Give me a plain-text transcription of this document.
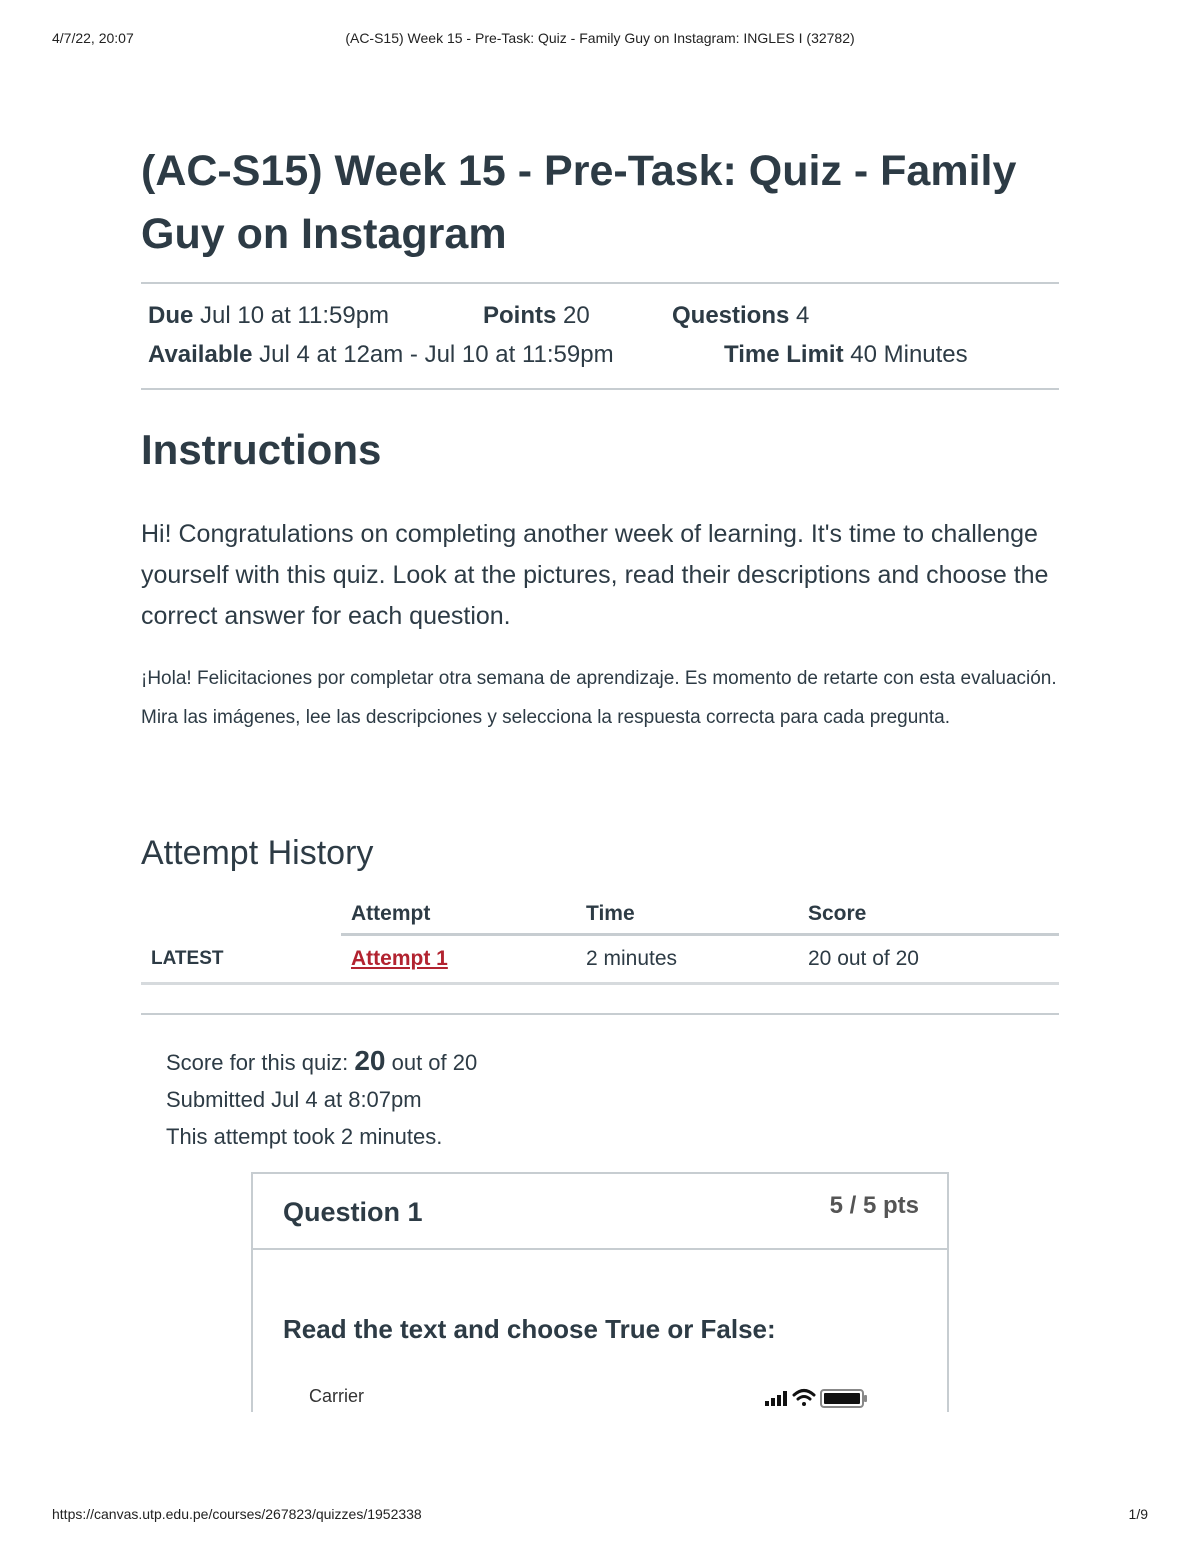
4/7/22, 20:07	(AC-S15) Week 15 - Pre-Task: Quiz - Family Guy on Instagram: INGLES I (32782)
(AC-S15) Week 15 - Pre-Task: Quiz - Family Guy on Instagram
Due Jul 10 at 11:59pm	Points 20	Questions 4
Available Jul 4 at 12am - Jul 10 at 11:59pm	Time Limit 40 Minutes
Instructions

Hi! Congratulations on completing another week of learning. It's time to challenge yourself with this quiz. Look at the pictures, read their descriptions and choose the correct answer for each question.

¡Hola! Felicitaciones por completar otra semana de aprendizaje. Es momento de retarte con esta evaluación. Mira las imágenes, lee las descripciones y selecciona la respuesta correcta para cada pregunta.

Attempt History
	Attempt	Time	Score
LATEST	Attempt 1	2 minutes	20 out of 20
Score for this quiz: 20 out of 20
Submitted Jul 4 at 8:07pm
This attempt took 2 minutes.
Question 1	5 / 5 pts
Read the text and choose True or False:
Carrier
https://canvas.utp.edu.pe/courses/267823/quizzes/1952338	1/9
